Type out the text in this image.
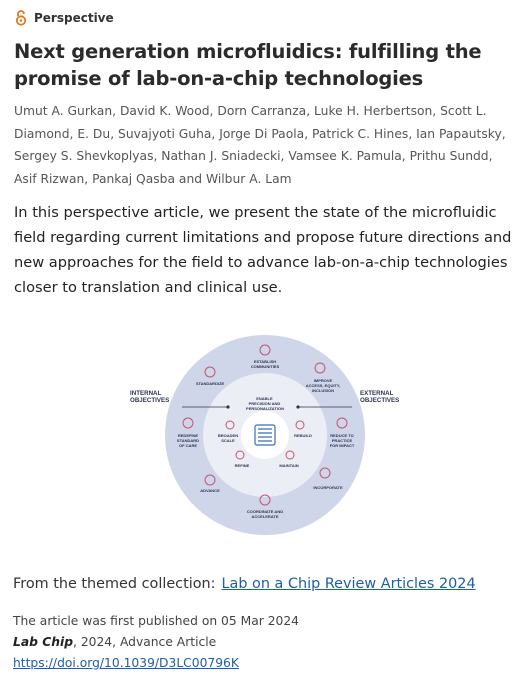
Perspective
Next generation microfluidics: fulfilling the promise of lab-on-a-chip technologies

Umut A. Gurkan, David K. Wood, Dorn Carranza, Luke H. Herbertson, Scott L. Diamond, E. Du, Suvajyoti Guha, Jorge Di Paola, Patrick C. Hines, Ian Papautsky, Sergey S. Shevkoplyas, Nathan J. Sniadecki, Vamsee K. Pamula, Prithu Sundd, Asif Rizwan, Pankaj Qasba and Wilbur A. Lam

In this perspective article, we present the state of the microfluidic field regarding current limitations and propose future directions and new approaches for the field to advance lab-on-a-chip technologies closer to translation and clinical use.

INTERNAL OBJECTIVES
EXTERNAL OBJECTIVES
ENABLE PRECISION AND PERSONALIZATION
BROADEN SCALE
REFINE	MAINTAIN
REBUILD
ESTABLISH COMMUNITIES
IMPROVE ACCESS, EQUITY, INCLUSION
REDUCE TO PRACTICE FOR IMPACT
INCORPORATE
COORDINATE AND ACCELERATE
ADVANCE
REDEFINE STANDARD OF CARE
STANDARDIZE

From the themed collection: Lab on a Chip Review Articles 2024

The article was first published on 05 Mar 2024

Lab Chip, 2024, Advance Article

https://doi.org/10.1039/D3LC00796K
